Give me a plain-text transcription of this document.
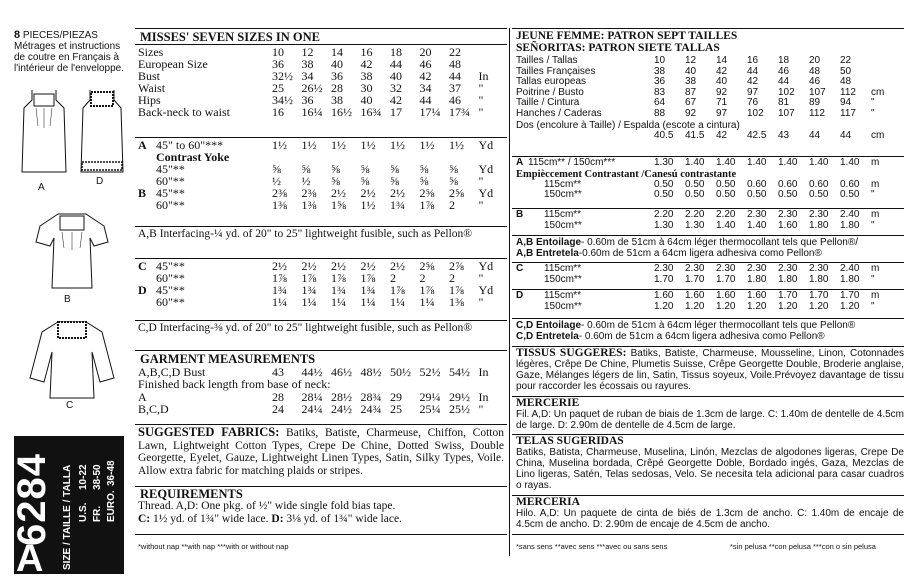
8 PIECES/PIEZAS
Métrages et instructions de coutre en Français à l'intérieur de l'enveloppe.
A
D
B
C
6284
A SIZE / TAILLE / TALLA U.S.
10-22
FR.
38-50
EURO.
36-48
MISSES' SEVEN SIZES IN ONE
Sizes	10	12	14	16	18	20	22	
European Size	36	38	40	42	44	46	48	
Bust	32½	34	36	38	40	42	44	In
Waist	25	26½	28	30	32	34	37	"
Hips	34½	36	38	40	42	44	46	"
Back-neck to waist	16	16¼	16½	16¾	17	17¼	17¾	"
A	45" to 60"***	1½	1½	1½	1½	1½	1½	1½	Yd
	Contrast Yoke								
	45"**	⅝	⅝	⅝	⅝	⅝	⅝	⅝	Yd
	60"**	½	½	⅝	⅝	⅝	⅝	⅝	"
B	45"**	2⅜	2⅜	2½	2½	2½	2⅝	2⅝	Yd
	60"**	1⅜	1⅜	1⅝	1½	1¾	1⅞	2	"
A,B Interfacing-¼ yd. of 20" to 25" lightweight fusible, such as Pellon®
C	45"**	2½	2½	2½	2½	2½	2⅝	2⅞	Yd
	60"**	1⅞	1⅞	1⅞	1⅞	2	2	2	"
D	45"**	1¾	1¾	1¾	1¾	1⅞	1⅞	1⅞	Yd
	60"**	1¼	1¼	1¼	1¼	1¼	1¼	1⅜	"
C,D Interfacing-⅜ yd. of 20" to 25" lightweight fusible, such as Pellon®
GARMENT MEASUREMENTS
A,B,C,D Bust	43	44½	46½	48½	50½	52½	54½	In
Finished back length from base of neck:
A	28	28¼	28½	28¾	29	29¼	29½	In
B,C,D	24	24¼	24½	24¾	25	25¼	25½	"
SUGGESTED FABRICS: Batiks, Batiste, Charmeuse, Chiffon, Cotton Lawn, Lightweight Cotton Types, Crepe De Chine, Dotted Swiss, Double Georgette, Eyelet, Gauze, Lightweight Linen Types, Satin, Silky Types, Voile. Allow extra fabric for matching plaids or stripes.
REQUIREMENTS
Thread. A,D: One pkg. of ½" wide single fold bias tape.
C: 1½ yd. of 1¾" wide lace. D: 3⅛ yd. of 1¾" wide lace.
*without nap **with nap ***with or without nap
JEUNE FEMME: PATRON SEPT TAILLES
SEÑORITAS: PATRON SIETE TALLAS
Tailles / Tallas	10	12	14	16	18	20	22	
Tailles Françaises	38	40	42	44	46	48	50	
Tallas europeas	36	38	40	42	44	46	48	
Poitrine / Busto	83	87	92	97	102	107	112	cm
Taille / Cintura	64	67	71	76	81	89	94	"
Hanches / Caderas	88	92	97	102	107	112	117	"
Dos (encolure à Taille) / Espalda (escote a cintura)
	40.5	41.5	42	42.5	43	44	44	cm
A	115cm** / 150cm***	1.30	1.40	1.40	1.40	1.40	1.40	1.40	m
Empièccement Contrastant /Canesú contrastante
115cm**	0.50	0.50	0.50	0.60	0.60	0.60	0.60	m
150cm**	0.50	0.50	0.50	0.50	0.50	0.50	0.50	"
B	115cm**	2.20	2.20	2.20	2.30	2.30	2.30	2.40	m
	150cm**	1.30	1.30	1.40	1.40	1.60	1.80	1.80	"
A,B Entoilage- 0.60m de 51cm à 64cm léger thermocollant tels que Pellon®/
A,B Entretela-0.60m de 51cm a 64cm ligera adhesiva como Pellon®
C	115cm**	2.30	2.30	2.30	2.30	2.30	2.30	2.40	m
	150cm**	1.70	1.70	1.70	1.80	1.80	1.80	1.80	"
D	115cm**	1.60	1.60	1.60	1.60	1.70	1.70	1.70	m
	150cm**	1.20	1.20	1.20	1.20	1.20	1.20	1.20	"
C,D Entoilage- 0.60m de 51cm à 64cm léger thermocollant tels que Pellon®
C,D Entretela- 0.60m de 51cm a 64cm ligera adhesiva como Pellon®
TISSUS SUGGERES: Batiks, Batiste, Charmeuse, Mousseline, Linon, Cotonnades légères, Crêpe De Chine, Plumetis Suisse, Crêpe Georgette Double, Broderie anglaise, Gaze, Mélanges légers de lin, Satin, Tissus soyeux, Voile.Prévoyez davantage de tissu pour raccorder les écossais ou rayures.
MERCERIE
Fil. A,D: Un paquet de ruban de biais de 1.3cm de large. C: 1.40m de dentelle de 4.5cm de large. D: 2.90m de dentelle de 4.5cm de large.
TELAS SUGERIDAS
Batiks, Batista, Charmeuse, Muselina, Linón, Mezclas de algodones ligeras, Crepe De China, Muselina bordada, Crêpé Georgette Doble, Bordado ingés, Gaza, Mezclas de Lino ligeras, Satén, Telas sedosas, Velo. Se necesita tela adicional para casar cuadros o rayas.
MERCERIA
Hilo. A,D: Un paquete de cinta de biés de 1.3cm de ancho. C: 1.40m de encaje de 4.5cm de ancho. D: 2.90m de encaje de 4.5cm de ancho.
*sans sens **avec sens ***avec ou sans sens	*sin pelusa **con pelusa ***con o sin pelusa
